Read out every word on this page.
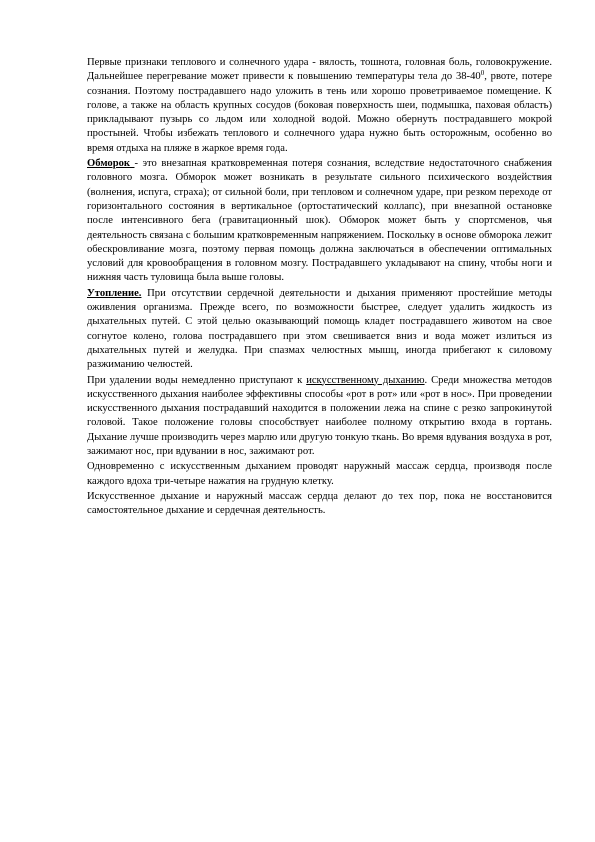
Первые признаки теплового и солнечного удара - вялость, тошнота, головная боль, головокружение. Дальнейшее перегревание может привести к повышению температуры тела до $38-40^0$, рвоте, потере сознания. Поэтому пострадавшего надо уложить в тень или хорошо проветриваемое помещение. К голове, а также на область крупных сосудов (боковая поверхность шеи, подмышка, паховая область) прикладывают пузырь со льдом или холодной водой. Можно обернуть пострадавшего мокрой простыней. Чтобы избежать теплового и солнечного удара нужно быть осторожным, особенно во время отдыха на пляже в жаркое время года.

Обморок - это внезапная кратковременная потеря сознания, вследствие недостаточного снабжения головного мозга. Обморок может возникать в результате сильного психического воздействия (волнения, испуга, страха); от сильной боли, при тепловом и солнечном ударе, при резком переходе от горизонтального состояния в вертикальное (ортостатический коллапс), при внезапной остановке после интенсивного бега (гравитационный шок). Обморок может быть у спортсменов, чья деятельность связана с большим кратковременным напряжением. Поскольку в основе обморока лежит обескровливание мозга, поэтому первая помощь должна заключаться в обеспечении оптимальных условий для кровообращения в головном мозгу. Пострадавшего укладывают на спину, чтобы ноги и нижняя часть туловища была выше головы.

Утопление. При отсутствии сердечной деятельности и дыхания применяют простейшие методы оживления организма. Прежде всего, по возможности быстрее, следует удалить жидкость из дыхательных путей. С этой целью оказывающий помощь кладет пострадавшего животом на свое согнутое колено, голова пострадавшего при этом свешивается вниз и вода может излиться из дыхательных путей и желудка. При спазмах челюстных мышц, иногда прибегают к силовому разжиманию челюстей.

При удалении воды немедленно приступают к искусственному дыханию. Среди множества методов искусственного дыхания наиболее эффективны способы «рот в рот» или «рот в нос». При проведении искусственного дыхания пострадавший находится в положении лежа на спине с резко запрокинутой головой. Такое положение головы способствует наиболее полному открытию входа в гортань. Дыхание лучше производить через марлю или другую тонкую ткань. Во время вдувания воздуха в рот, зажимают нос, при вдувании в нос, зажимают рот.

Одновременно с искусственным дыханием проводят наружный массаж сердца, производя после каждого вдоха три-четыре нажатия на грудную клетку.

Искусственное дыхание и наружный массаж сердца делают до тех пор, пока не восстановится самостоятельное дыхание и сердечная деятельность.
